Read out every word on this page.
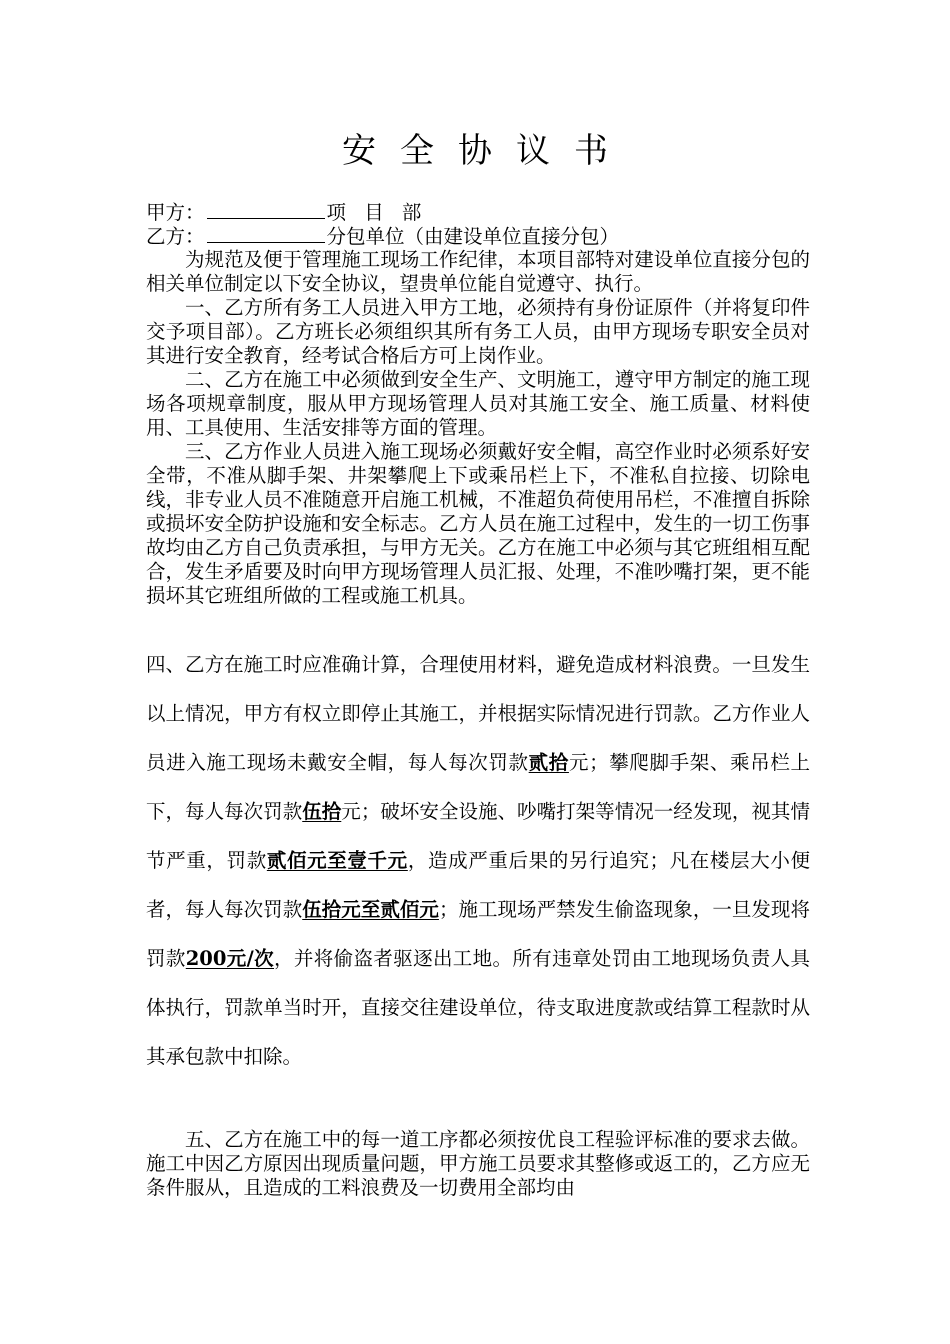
安全协议书
甲方：	项 目 部
乙方：	分包单位（由建设单位直接分包）

为规范及便于管理施工现场工作纪律，本项目部特对建设单位直接分包的相关单位制定以下安全协议，望贵单位能自觉遵守、执行。

一、乙方所有务工人员进入甲方工地，必须持有身份证原件（并将复印件交予项目部）。乙方班长必须组织其所有务工人员，由甲方现场专职安全员对其进行安全教育，经考试合格后方可上岗作业。

二、乙方在施工中必须做到安全生产、文明施工，遵守甲方制定的施工现场各项规章制度，服从甲方现场管理人员对其施工安全、施工质量、材料使用、工具使用、生活安排等方面的管理。

三、乙方作业人员进入施工现场必须戴好安全帽，高空作业时必须系好安全带，不准从脚手架、井架攀爬上下或乘吊栏上下，不准私自拉接、切除电线，非专业人员不准随意开启施工机械，不准超负荷使用吊栏，不准擅自拆除或损坏安全防护设施和安全标志。乙方人员在施工过程中，发生的一切工伤事故均由乙方自己负责承担，与甲方无关。乙方在施工中必须与其它班组相互配合，发生矛盾要及时向甲方现场管理人员汇报、处理，不准吵嘴打架，更不能损坏其它班组所做的工程或施工机具。

四、乙方在施工时应准确计算，合理使用材料，避免造成材料浪费。一旦发生以上情况，甲方有权立即停止其施工，并根据实际情况进行罚款。乙方作业人员进入施工现场未戴安全帽，每人每次罚款贰拾元；攀爬脚手架、乘吊栏上下，每人每次罚款伍拾元；破坏安全设施、吵嘴打架等情况一经发现，视其情节严重，罚款贰佰元至壹千元，造成严重后果的另行追究；凡在楼层大小便者，每人每次罚款伍拾元至贰佰元；施工现场严禁发生偷盗现象，一旦发现将罚款200元/次，并将偷盗者驱逐出工地。所有违章处罚由工地现场负责人具体执行，罚款单当时开，直接交往建设单位，待支取进度款或结算工程款时从其承包款中扣除。

五、乙方在施工中的每一道工序都必须按优良工程验评标准的要求去做。施工中因乙方原因出现质量问题，甲方施工员要求其整修或返工的，乙方应无条件服从，且造成的工料浪费及一切费用全部均由
